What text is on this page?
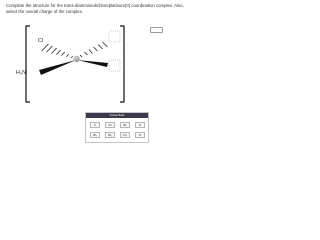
Complete the structure for the trans-diamminedichloroplatinum(II) coordination complex. Also, select the overall charge of the complex.

Cl
H₃N
Answer Bank
H	OH	NH₂	Cl
NH₃	NH₄	CO₃	Pt
